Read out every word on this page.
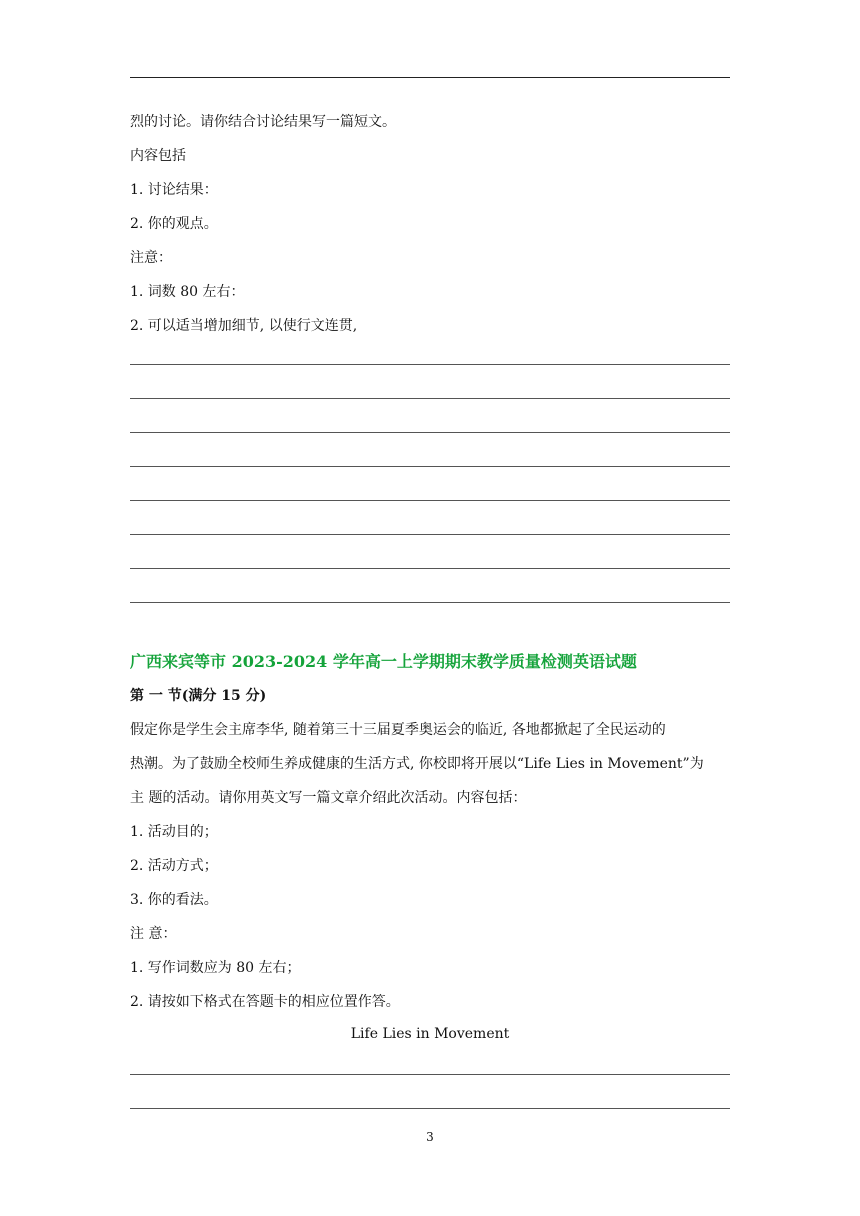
烈的讨论。请你结合讨论结果写一篇短文。
内容包括
1. 讨论结果：
2. 你的观点。
注意：
1. 词数 80 左右：
2. 可以适当增加细节, 以使行文连贯,
广西来宾等市 2023-2024 学年高一上学期期末教学质量检测英语试题
第 一 节(满分 15 分)
假定你是学生会主席李华, 随着第三十三届夏季奥运会的临近, 各地都掀起了全民运动的
热潮。为了鼓励全校师生养成健康的生活方式, 你校即将开展以“Life Lies in Movement”为
主 题的活动。请你用英文写一篇文章介绍此次活动。内容包括：
1. 活动目的；
2. 活动方式；
3. 你的看法。
注 意：
1. 写作词数应为 80 左右；
2. 请按如下格式在答题卡的相应位置作答。
Life Lies in Movement
3
